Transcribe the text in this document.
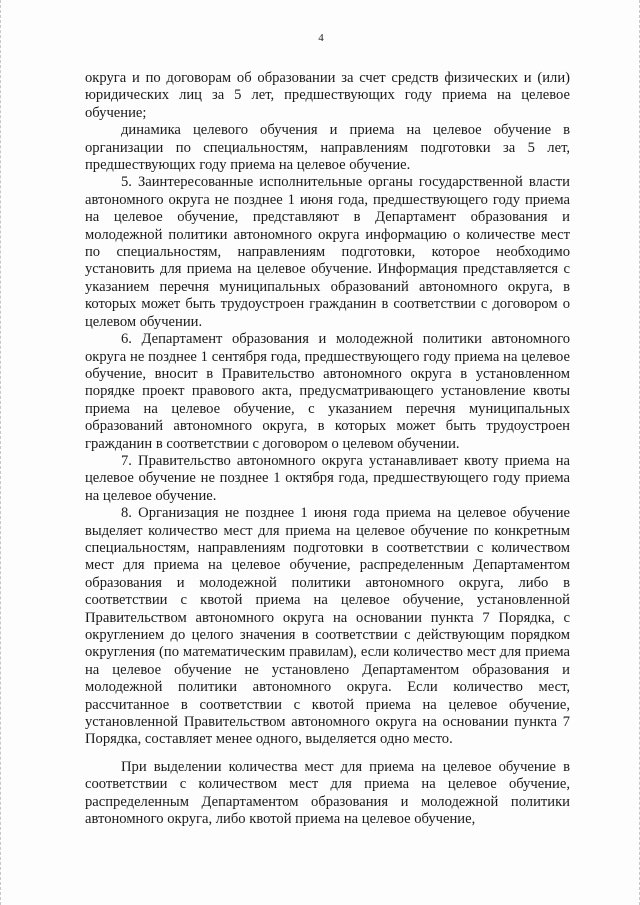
4

округа и по договорам об образовании за счет средств физических и (или) юридических лиц за 5 лет, предшествующих году приема на целевое обучение;

динамика целевого обучения и приема на целевое обучение в организации по специальностям, направлениям подготовки за 5 лет, предшествующих году приема на целевое обучение.

5. Заинтересованные исполнительные органы государственной власти автономного округа не позднее 1 июня года, предшествующего году приема на целевое обучение, представляют в Департамент образования и молодежной политики автономного округа информацию о количестве мест по специальностям, направлениям подготовки, которое необходимо установить для приема на целевое обучение. Информация представляется с указанием перечня муниципальных образований автономного округа, в которых может быть трудоустроен гражданин в соответствии с договором о целевом обучении.

6. Департамент образования и молодежной политики автономного округа не позднее 1 сентября года, предшествующего году приема на целевое обучение, вносит в Правительство автономного округа в установленном порядке проект правового акта, предусматривающего установление квоты приема на целевое обучение, с указанием перечня муниципальных образований автономного округа, в которых может быть трудоустроен гражданин в соответствии с договором о целевом обучении.

7. Правительство автономного округа устанавливает квоту приема на целевое обучение не позднее 1 октября года, предшествующего году приема на целевое обучение.

8. Организация не позднее 1 июня года приема на целевое обучение выделяет количество мест для приема на целевое обучение по конкретным специальностям, направлениям подготовки в соответствии с количеством мест для приема на целевое обучение, распределенным Департаментом образования и молодежной политики автономного округа, либо в соответствии с квотой приема на целевое обучение, установленной Правительством автономного округа на основании пункта 7 Порядка, с округлением до целого значения в соответствии с действующим порядком округления (по математическим правилам), если количество мест для приема на целевое обучение не установлено Департаментом образования и молодежной политики автономного округа. Если количество мест, рассчитанное в соответствии с квотой приема на целевое обучение, установленной Правительством автономного округа на основании пункта 7 Порядка, составляет менее одного, выделяется одно место.

При выделении количества мест для приема на целевое обучение в соответствии с количеством мест для приема на целевое обучение, распределенным Департаментом образования и молодежной политики автономного округа, либо квотой приема на целевое обучение,
